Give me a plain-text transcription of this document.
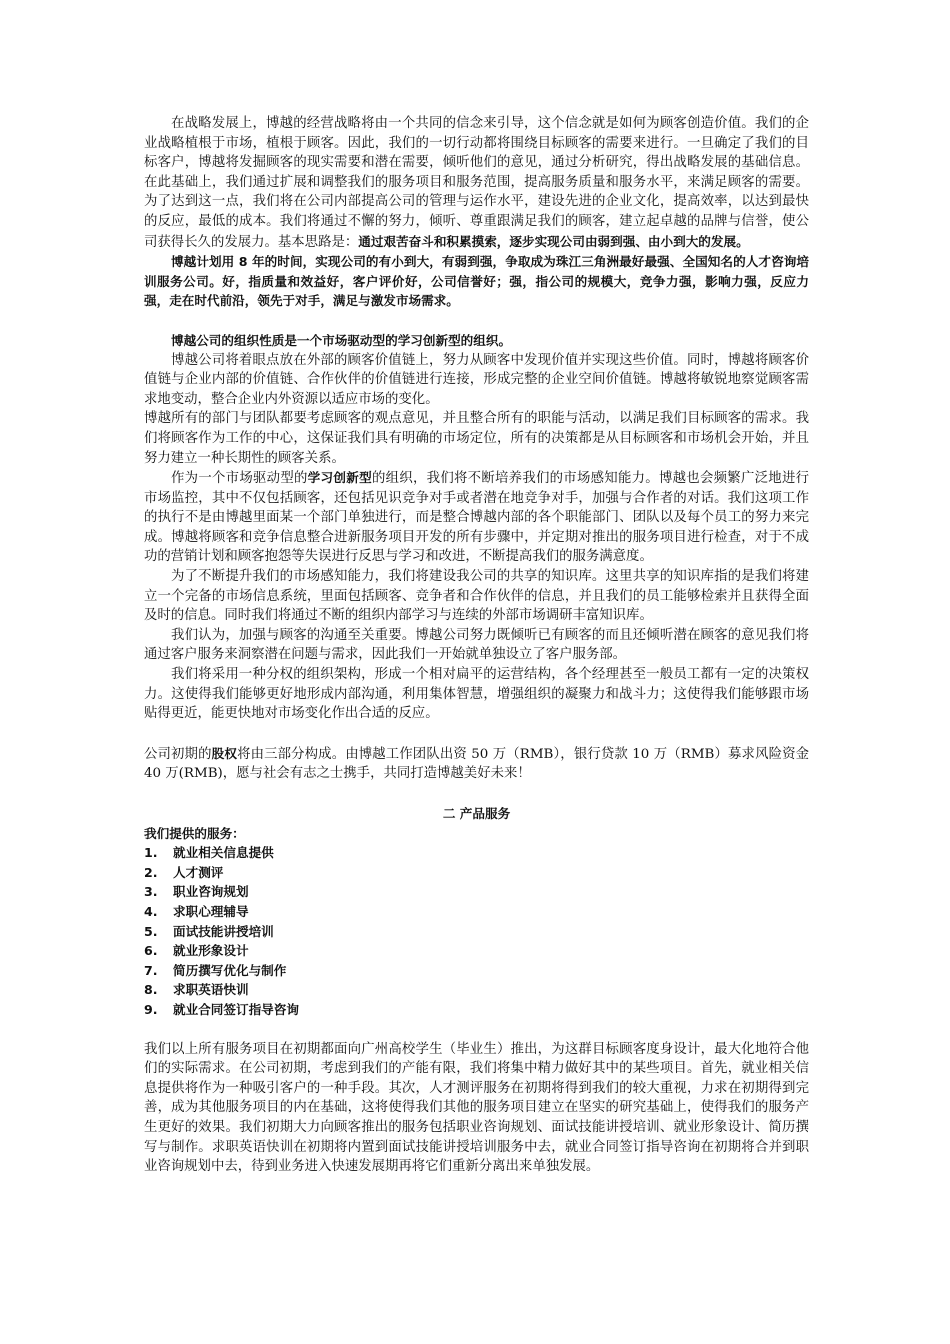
在战略发展上，博越的经营战略将由一个共同的信念来引导，这个信念就是如何为顾客创造价值。我们的企业战略植根于市场，植根于顾客。因此，我们的一切行动都将围绕目标顾客的需要来进行。一旦确定了我们的目标客户，博越将发掘顾客的现实需要和潜在需要，倾听他们的意见，通过分析研究，得出战略发展的基础信息。在此基础上，我们通过扩展和调整我们的服务项目和服务范围，提高服务质量和服务水平，来满足顾客的需要。为了达到这一点，我们将在公司内部提高公司的管理与运作水平，建设先进的企业文化，提高效率，以达到最快的反应，最低的成本。我们将通过不懈的努力，倾听、尊重跟满足我们的顾客，建立起卓越的品牌与信誉，使公司获得长久的发展力。基本思路是：通过艰苦奋斗和积累摸索，逐步实现公司由弱到强、由小到大的发展。

博越计划用 8 年的时间，实现公司的有小到大，有弱到强，争取成为珠江三角洲最好最强、全国知名的人才咨询培训服务公司。好，指质量和效益好，客户评价好，公司信誉好；强，指公司的规模大，竞争力强，影响力强，反应力强，走在时代前沿，领先于对手，满足与激发市场需求。

博越公司的组织性质是一个市场驱动型的学习创新型的组织。

博越公司将着眼点放在外部的顾客价值链上，努力从顾客中发现价值并实现这些价值。同时，博越将顾客价值链与企业内部的价值链、合作伙伴的价值链进行连接，形成完整的企业空间价值链。博越将敏锐地察觉顾客需求地变动，整合企业内外资源以适应市场的变化。

博越所有的部门与团队都要考虑顾客的观点意见，并且整合所有的职能与活动，以满足我们目标顾客的需求。我们将顾客作为工作的中心，这保证我们具有明确的市场定位，所有的决策都是从目标顾客和市场机会开始，并且努力建立一种长期性的顾客关系。

作为一个市场驱动型的学习创新型的组织，我们将不断培养我们的市场感知能力。博越也会频繁广泛地进行市场监控，其中不仅包括顾客，还包括见识竞争对手或者潜在地竞争对手，加强与合作者的对话。我们这项工作的执行不是由博越里面某一个部门单独进行，而是整合博越内部的各个职能部门、团队以及每个员工的努力来完成。博越将顾客和竞争信息整合进新服务项目开发的所有步骤中，并定期对推出的服务项目进行检查，对于不成功的营销计划和顾客抱怨等失误进行反思与学习和改进，不断提高我们的服务满意度。

为了不断提升我们的市场感知能力，我们将建设我公司的共享的知识库。这里共享的知识库指的是我们将建立一个完备的市场信息系统，里面包括顾客、竞争者和合作伙伴的信息，并且我们的员工能够检索并且获得全面及时的信息。同时我们将通过不断的组织内部学习与连续的外部市场调研丰富知识库。

我们认为，加强与顾客的沟通至关重要。博越公司努力既倾听已有顾客的而且还倾听潜在顾客的意见我们将通过客户服务来洞察潜在问题与需求，因此我们一开始就单独设立了客户服务部。

我们将采用一种分权的组织架构，形成一个相对扁平的运营结构，各个经理甚至一般员工都有一定的决策权力。这使得我们能够更好地形成内部沟通，利用集体智慧，增强组织的凝聚力和战斗力；这使得我们能够跟市场贴得更近，能更快地对市场变化作出合适的反应。

公司初期的股权将由三部分构成。由博越工作团队出资 50 万（RMB），银行贷款 10 万（RMB）募求风险资金 40 万(RMB)，愿与社会有志之士携手，共同打造博越美好未来！

二 产品服务

我们提供的服务：

1.	就业相关信息提供
2.	人才测评
3.	职业咨询规划
4.	求职心理辅导
5.	面试技能讲授培训
6.	就业形象设计
7.	简历撰写优化与制作
8.	求职英语快训
9.	就业合同签订指导咨询

我们以上所有服务项目在初期都面向广州高校学生（毕业生）推出，为这群目标顾客度身设计，最大化地符合他们的实际需求。在公司初期，考虑到我们的产能有限，我们将集中精力做好其中的某些项目。首先，就业相关信息提供将作为一种吸引客户的一种手段。其次，人才测评服务在初期将得到我们的较大重视，力求在初期得到完善，成为其他服务项目的内在基础，这将使得我们其他的服务项目建立在坚实的研究基础上，使得我们的服务产生更好的效果。我们初期大力向顾客推出的服务包括职业咨询规划、面试技能讲授培训、就业形象设计、简历撰写与制作。求职英语快训在初期将内置到面试技能讲授培训服务中去，就业合同签订指导咨询在初期将合并到职业咨询规划中去，待到业务进入快速发展期再将它们重新分离出来单独发展。
